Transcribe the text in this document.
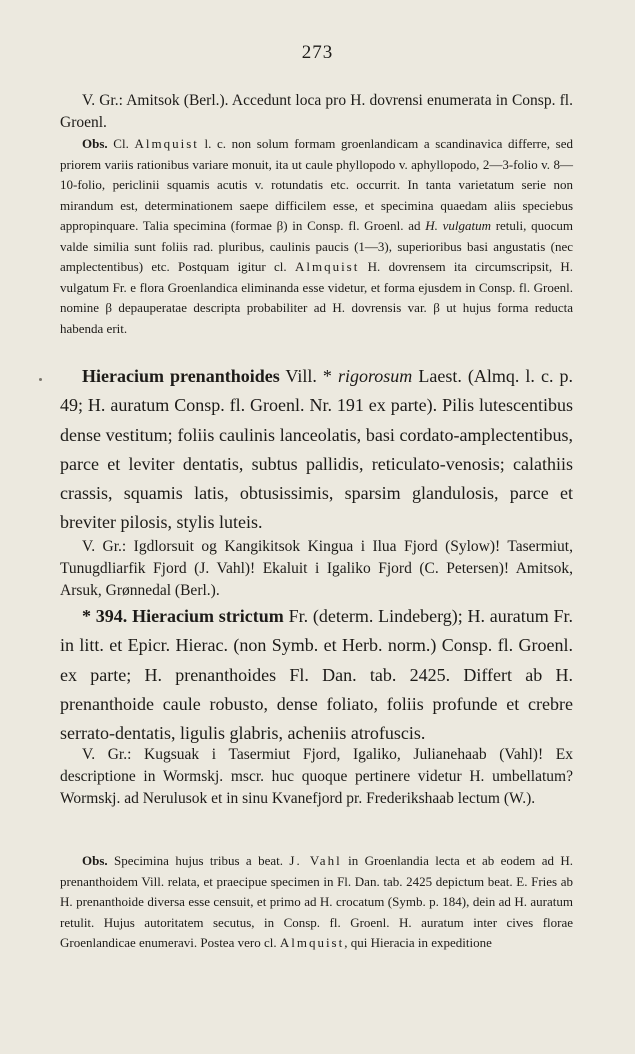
273
V. Gr.: Amitsok (Berl.). Accedunt loca pro H. dovrensi enumerata in Consp. fl. Groenl.
Obs. Cl. Almquist l. c. non solum formam groenlandicam a scandinavica differre, sed priorem variis rationibus variare monuit, ita ut caule phyllopodo v. aphyllopodo, 2—3-folio v. 8—10-folio, periclinii squamis acutis v. rotundatis etc. occurrit. In tanta varietatum serie non mirandum est, determinationem saepe difficilem esse, et specimina quaedam aliis speciebus appropinquare. Talia specimina (formae β) in Consp. fl. Groenl. ad H. vulgatum retuli, quocum valde similia sunt foliis rad. pluribus, caulinis paucis (1—3), superioribus basi angustatis (nec amplectentibus) etc. Postquam igitur cl. Almquist H. dovrensem ita circumscripsit, H. vulgatum Fr. e flora Groenlandica eliminanda esse videtur, et forma ejusdem in Consp. fl. Groenl. nomine β depauperatae descripta probabiliter ad H. dovrensis var. β ut hujus forma reducta habenda erit.
Hieracium prenanthoides Vill. * rigorosum Laest. (Almq. l. c. p. 49; H. auratum Consp. fl. Groenl. Nr. 191 ex parte). Pilis lutescentibus dense vestitum; foliis caulinis lanceolatis, basi cordato-amplectentibus, parce et leviter dentatis, subtus pallidis, reticulato-venosis; calathiis crassis, squamis latis, obtusissimis, sparsim glandulosis, parce et breviter pilosis, stylis luteis.
V. Gr.: Igdlorsuit og Kangikitsok Kingua i Ilua Fjord (Sylow)! Tasermiut, Tunugdliarfik Fjord (J. Vahl)! Ekaluit i Igaliko Fjord (C. Petersen)! Amitsok, Arsuk, Grønnedal (Berl.).
* 394. Hieracium strictum Fr. (determ. Lindeberg); H. auratum Fr. in litt. et Epicr. Hierac. (non Symb. et Herb. norm.) Consp. fl. Groenl. ex parte; H. prenanthoides Fl. Dan. tab. 2425. Differt ab H. prenanthoide caule robusto, dense foliato, foliis profunde et crebre serrato-dentatis, ligulis glabris, acheniis atrofuscis.
V. Gr.: Kugsuak i Tasermiut Fjord, Igaliko, Julianehaab (Vahl)! Ex descriptione in Wormskj. mscr. huc quoque pertinere videtur H. umbellatum? Wormskj. ad Nerulusok et in sinu Kvanefjord pr. Frederikshaab lectum (W.).
Obs. Specimina hujus tribus a beat. J. Vahl in Groenlandia lecta et ab eodem ad H. prenanthoidem Vill. relata, et praecipue specimen in Fl. Dan. tab. 2425 depictum beat. E. Fries ab H. prenanthoide diversa esse censuit, et primo ad H. crocatum (Symb. p. 184), dein ad H. auratum retulit. Hujus autoritatem secutus, in Consp. fl. Groenl. H. auratum inter cives florae Groenlandicae enumeravi. Postea vero cl. Almquist, qui Hieracia in expeditione
